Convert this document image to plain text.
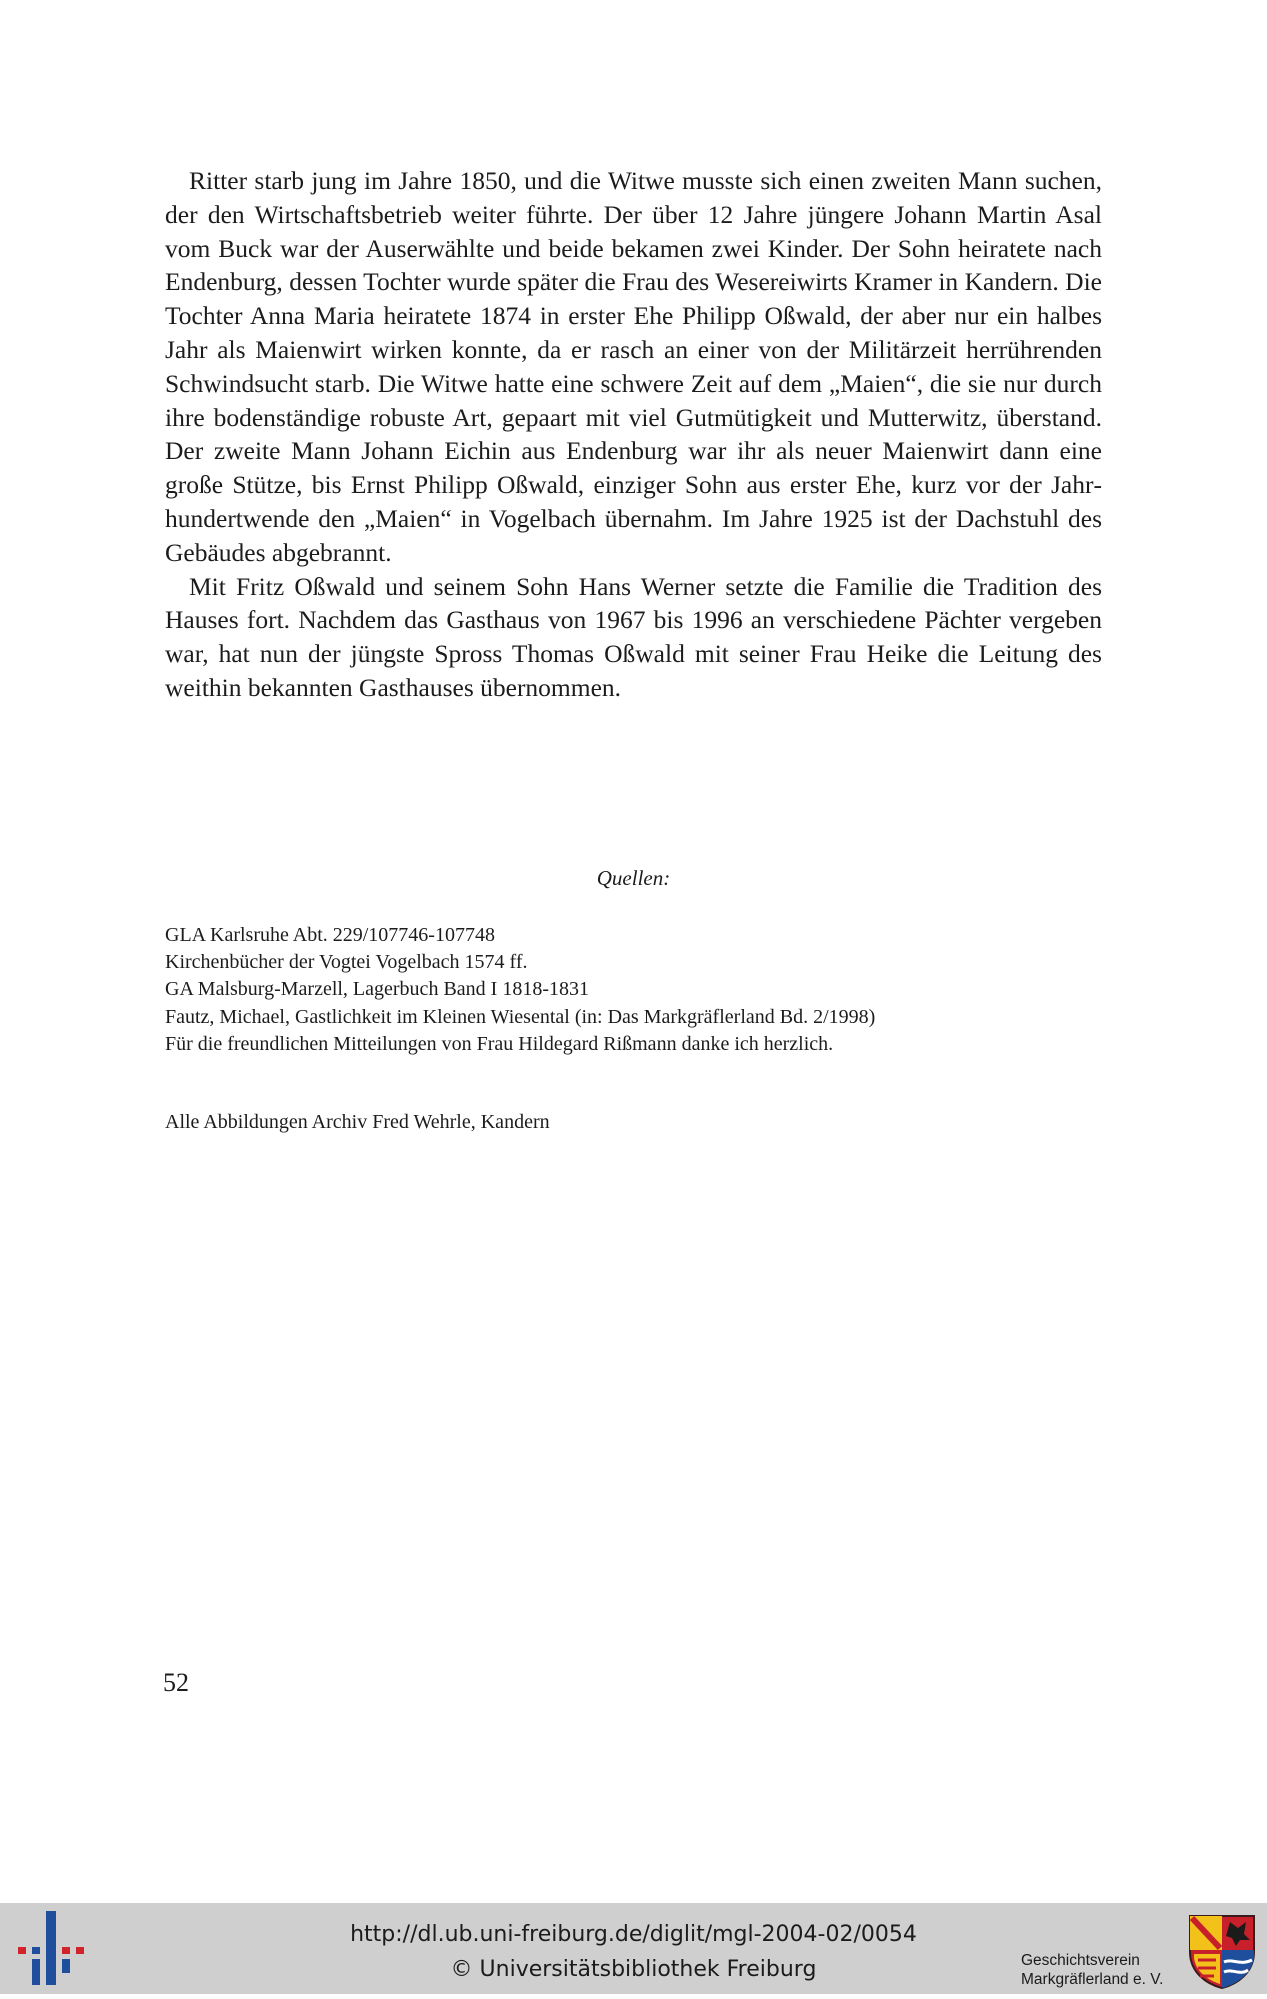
Ritter starb jung im Jahre 1850, und die Witwe musste sich einen zweiten Mann suchen, der den Wirtschaftsbetrieb weiter führte. Der über 12 Jahre jüngere Johann Martin Asal vom Buck war der Auserwählte und beide bekamen zwei Kinder. Der Sohn heiratete nach Endenburg, dessen Tochter wurde später die Frau des Wesereiwirts Kramer in Kandern. Die Tochter Anna Maria heiratete 1874 in erster Ehe Philipp Oßwald, der aber nur ein halbes Jahr als Maienwirt wirken konnte, da er rasch an einer von der Militärzeit herrührenden Schwindsucht starb. Die Witwe hatte eine schwere Zeit auf dem „Maien“, die sie nur durch ihre bodenständige robuste Art, gepaart mit viel Gutmütigkeit und Mutterwitz, überstand. Der zweite Mann Johann Eichin aus Endenburg war ihr als neuer Maienwirt dann eine große Stütze, bis Ernst Philipp Oßwald, einziger Sohn aus erster Ehe, kurz vor der Jahrhundertwende den „Maien“ in Vogelbach übernahm. Im Jahre 1925 ist der Dachstuhl des Gebäudes abgebrannt.

Mit Fritz Oßwald und seinem Sohn Hans Werner setzte die Familie die Tradition des Hauses fort. Nachdem das Gasthaus von 1967 bis 1996 an verschiedene Pächter vergeben war, hat nun der jüngste Spross Thomas Oßwald mit seiner Frau Heike die Leitung des weithin bekannten Gasthauses übernommen.

Quellen:
GLA Karlsruhe Abt. 229/107746-107748
Kirchenbücher der Vogtei Vogelbach 1574 ff.
GA Malsburg-Marzell, Lagerbuch Band I 1818-1831
Fautz, Michael, Gastlichkeit im Kleinen Wiesental (in: Das Markgräflerland Bd. 2/1998)
Für die freundlichen Mitteilungen von Frau Hildegard Rißmann danke ich herzlich.
Alle Abbildungen Archiv Fred Wehrle, Kandern
52
http://dl.ub.uni-freiburg.de/diglit/mgl-2004-02/0054
© Universitätsbibliothek Freiburg	Geschichtsverein
Markgräflerland e. V.
